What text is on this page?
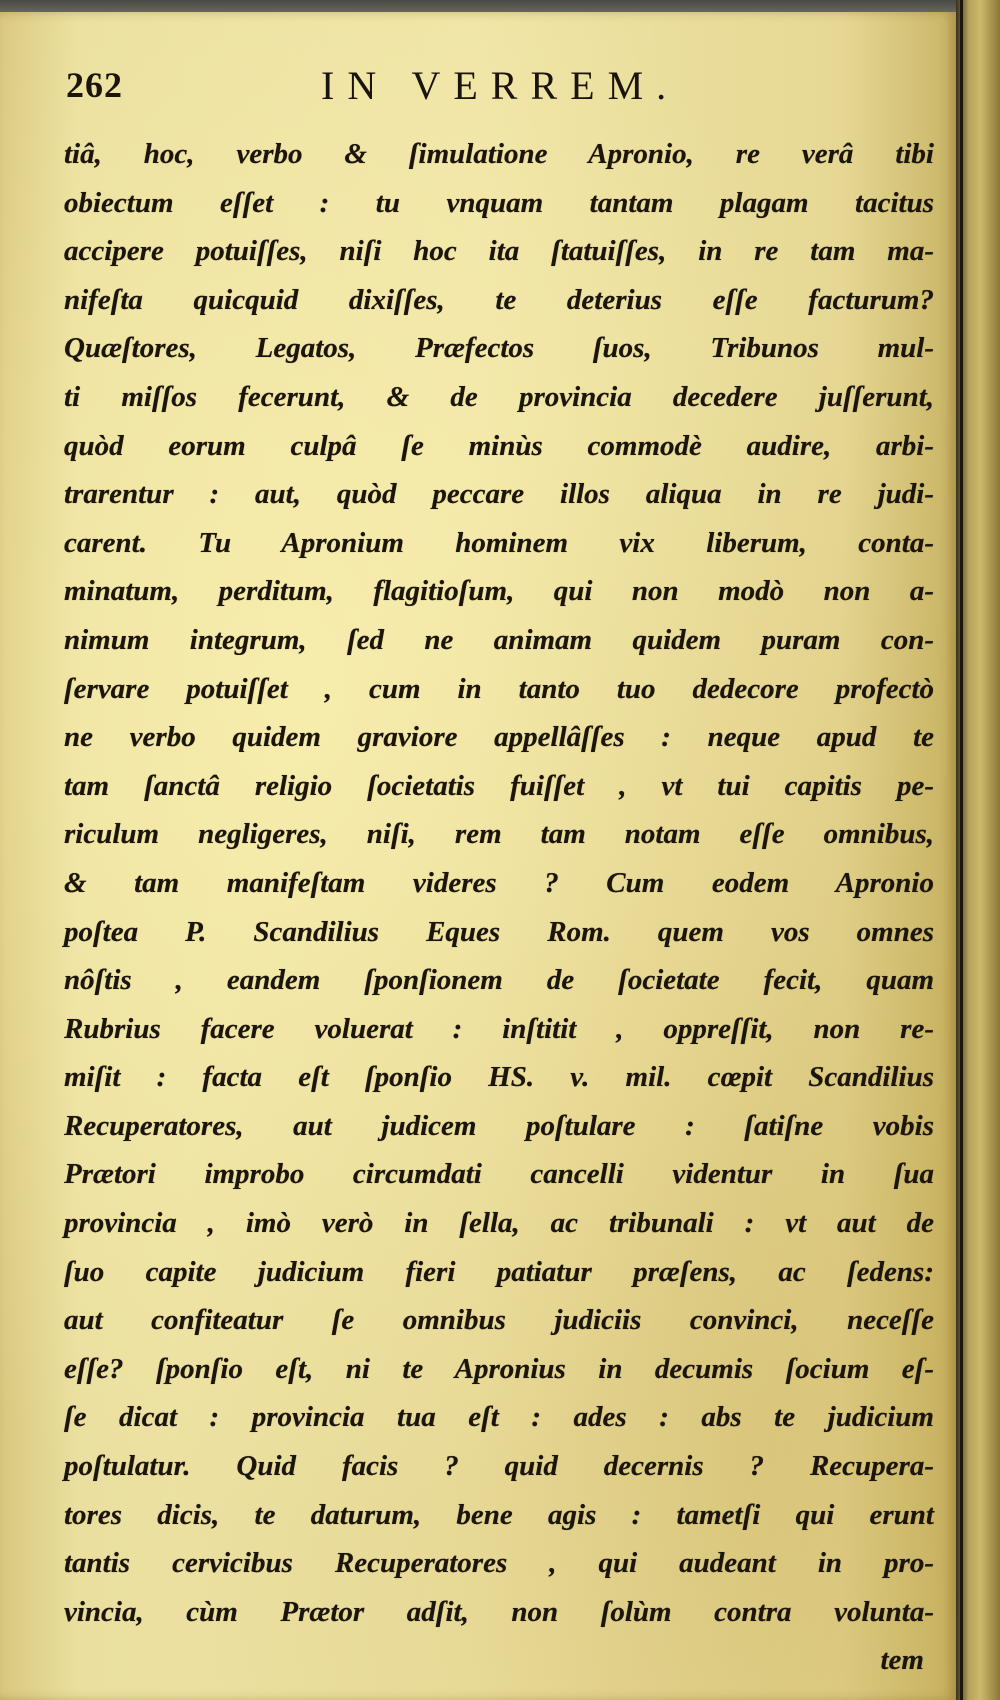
262	IN VERREM.
tiâ, hoc, verbo & ſimulatione Apronio, re verâ tibi
obiectum eſſet : tu vnquam tantam plagam tacitus
accipere potuiſſes, niſi hoc ita ſtatuiſſes, in re tam ma-
nifeſta quicquid dixiſſes, te deterius eſſe facturum?
Quæſtores, Legatos, Præfectos ſuos, Tribunos mul-
ti miſſos fecerunt, & de provincia decedere juſſerunt,
quòd eorum culpâ ſe minùs commodè audire, arbi-
trarentur : aut, quòd peccare illos aliqua in re judi-
carent. Tu Apronium hominem vix liberum, conta-
minatum, perditum, flagitioſum, qui non modò non a-
nimum integrum, ſed ne animam quidem puram con-
ſervare potuiſſet , cum in tanto tuo dedecore profectò
ne verbo quidem graviore appellâſſes : neque apud te
tam ſanctâ religio ſocietatis fuiſſet , vt tui capitis pe-
riculum negligeres, niſi, rem tam notam eſſe omnibus,
& tam manifeſtam videres ? Cum eodem Apronio
poſtea P. Scandilius Eques Rom. quem vos omnes
nôſtis , eandem ſponſionem de ſocietate fecit, quam
Rubrius facere voluerat : inſtitit , oppreſſit, non re-
miſit : facta eſt ſponſio HS. v. mil. cœpit Scandilius
Recuperatores, aut judicem poſtulare : ſatiſne vobis
Prætori improbo circumdati cancelli videntur in ſua
provincia , imò verò in ſella, ac tribunali : vt aut de
ſuo capite judicium fieri patiatur præſens, ac ſedens:
aut confiteatur ſe omnibus judiciis convinci, neceſſe
eſſe? ſponſio eſt, ni te Apronius in decumis ſocium eſ-
ſe dicat : provincia tua eſt : ades : abs te judicium
poſtulatur. Quid facis ? quid decernis ? Recupera-
tores dicis, te daturum, bene agis : tametſi qui erunt
tantis cervicibus Recuperatores , qui audeant in pro-
vincia, cùm Prætor adſit, non ſolùm contra volunta-
tem
